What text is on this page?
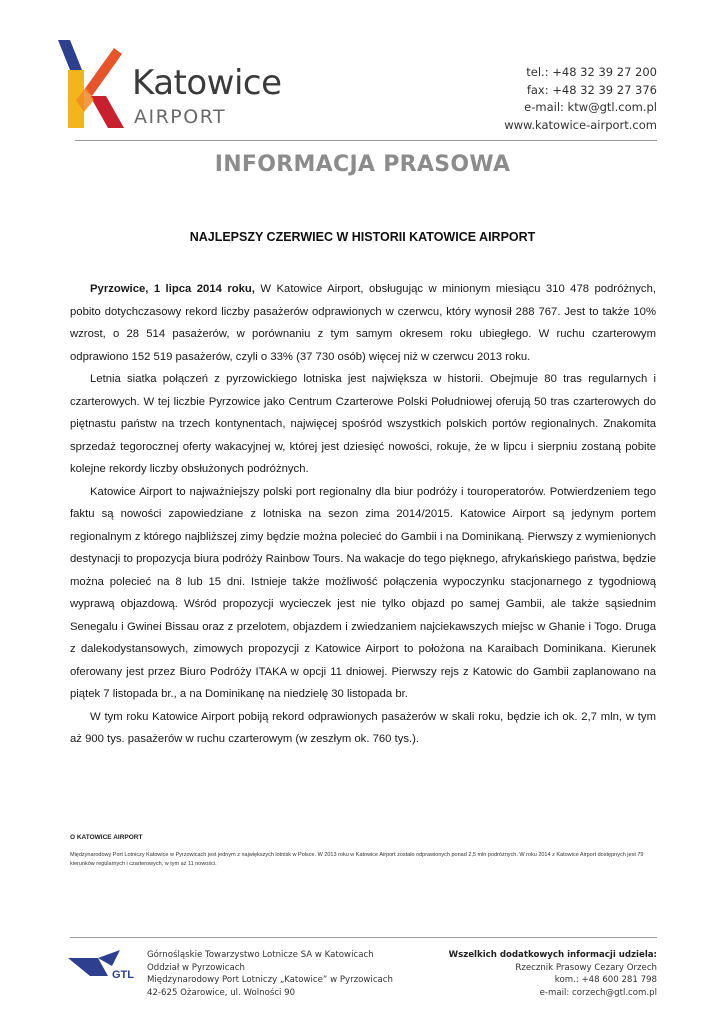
Katowice
AIRPORT
tel.: +48 32 39 27 200
fax: +48 32 39 27 376
e-mail: ktw@gtl.com.pl
www.katowice-airport.com
INFORMACJA PRASOWA
NAJLEPSZY CZERWIEC W HISTORII KATOWICE AIRPORT

Pyrzowice, 1 lipca 2014 roku, W Katowice Airport, obsługując w minionym miesiącu 310 478 podróżnych, pobito dotychczasowy rekord liczby pasażerów odprawionych w czerwcu, który wynosił 288 767. Jest to także 10% wzrost, o 28 514 pasażerów, w porównaniu z tym samym okresem roku ubiegłego. W ruchu czarterowym odprawiono 152 519 pasażerów, czyli o 33% (37 730 osób) więcej niż w czerwcu 2013 roku.

Letnia siatka połączeń z pyrzowickiego lotniska jest największa w historii. Obejmuje 80 tras regularnych i czarterowych. W tej liczbie Pyrzowice jako Centrum Czarterowe Polski Południowej oferują 50 tras czarterowych do piętnastu państw na trzech kontynentach, najwięcej spośród wszystkich polskich portów regionalnych. Znakomita sprzedaż tegorocznej oferty wakacyjnej w, której jest dziesięć nowości, rokuje, że w lipcu i sierpniu zostaną pobite kolejne rekordy liczby obsłużonych podróżnych.

Katowice Airport to najważniejszy polski port regionalny dla biur podróży i touroperatorów. Potwierdzeniem tego faktu są nowości zapowiedziane z lotniska na sezon zima 2014/2015. Katowice Airport są jedynym portem regionalnym z którego najbliższej zimy będzie można polecieć do Gambii i na Dominikaną. Pierwszy z wymienionych destynacji to propozycja biura podróży Rainbow Tours. Na wakacje do tego pięknego, afrykańskiego państwa, będzie można polecieć na 8 lub 15 dni. Istnieje także możliwość połączenia wypoczynku stacjonarnego z tygodniową wyprawą objazdową. Wśród propozycji wycieczek jest nie tylko objazd po samej Gambii, ale także sąsiednim Senegalu i Gwinei Bissau oraz z przelotem, objazdem i zwiedzaniem najciekawszych miejsc w Ghanie i Togo. Druga z dalekodystansowych, zimowych propozycji z Katowice Airport to położona na Karaibach Dominikana. Kierunek oferowany jest przez Biuro Podróży ITAKA w opcji 11 dniowej. Pierwszy rejs z Katowic do Gambii zaplanowano na piątek 7 listopada br., a na Dominikanę na niedzielę 30 listopada br.

W tym roku Katowice Airport pobiją rekord odprawionych pasażerów w skali roku, będzie ich ok. 2,7 mln, w tym aż 900 tys. pasażerów w ruchu czarterowym (w zeszłym ok. 760 tys.).

O KATOWICE AIRPORT
Międzynarodowy Port Lotniczy Katowice w Pyrzowicach jest jednym z największych lotnisk w Polsce. W 2013 roku w Katowice Airport zostało odprawionych ponad 2,5 mln podróżnych. W roku 2014 z Katowice Airport dostępnych jest 79 kierunków regularnych i czarterowych, w tym aż 11 nowości.
GTL
Górnośląskie Towarzystwo Lotnicze SA w Katowicach
Oddział w Pyrzowicach
Międzynarodowy Port Lotniczy „Katowice” w Pyrzowicach
42-625 Ożarowice, ul. Wolności 90
Wszelkich dodatkowych informacji udziela:
Rzecznik Prasowy Cezary Orzech
kom.: +48 600 281 798
e-mail: corzech@gtl.com.pl
